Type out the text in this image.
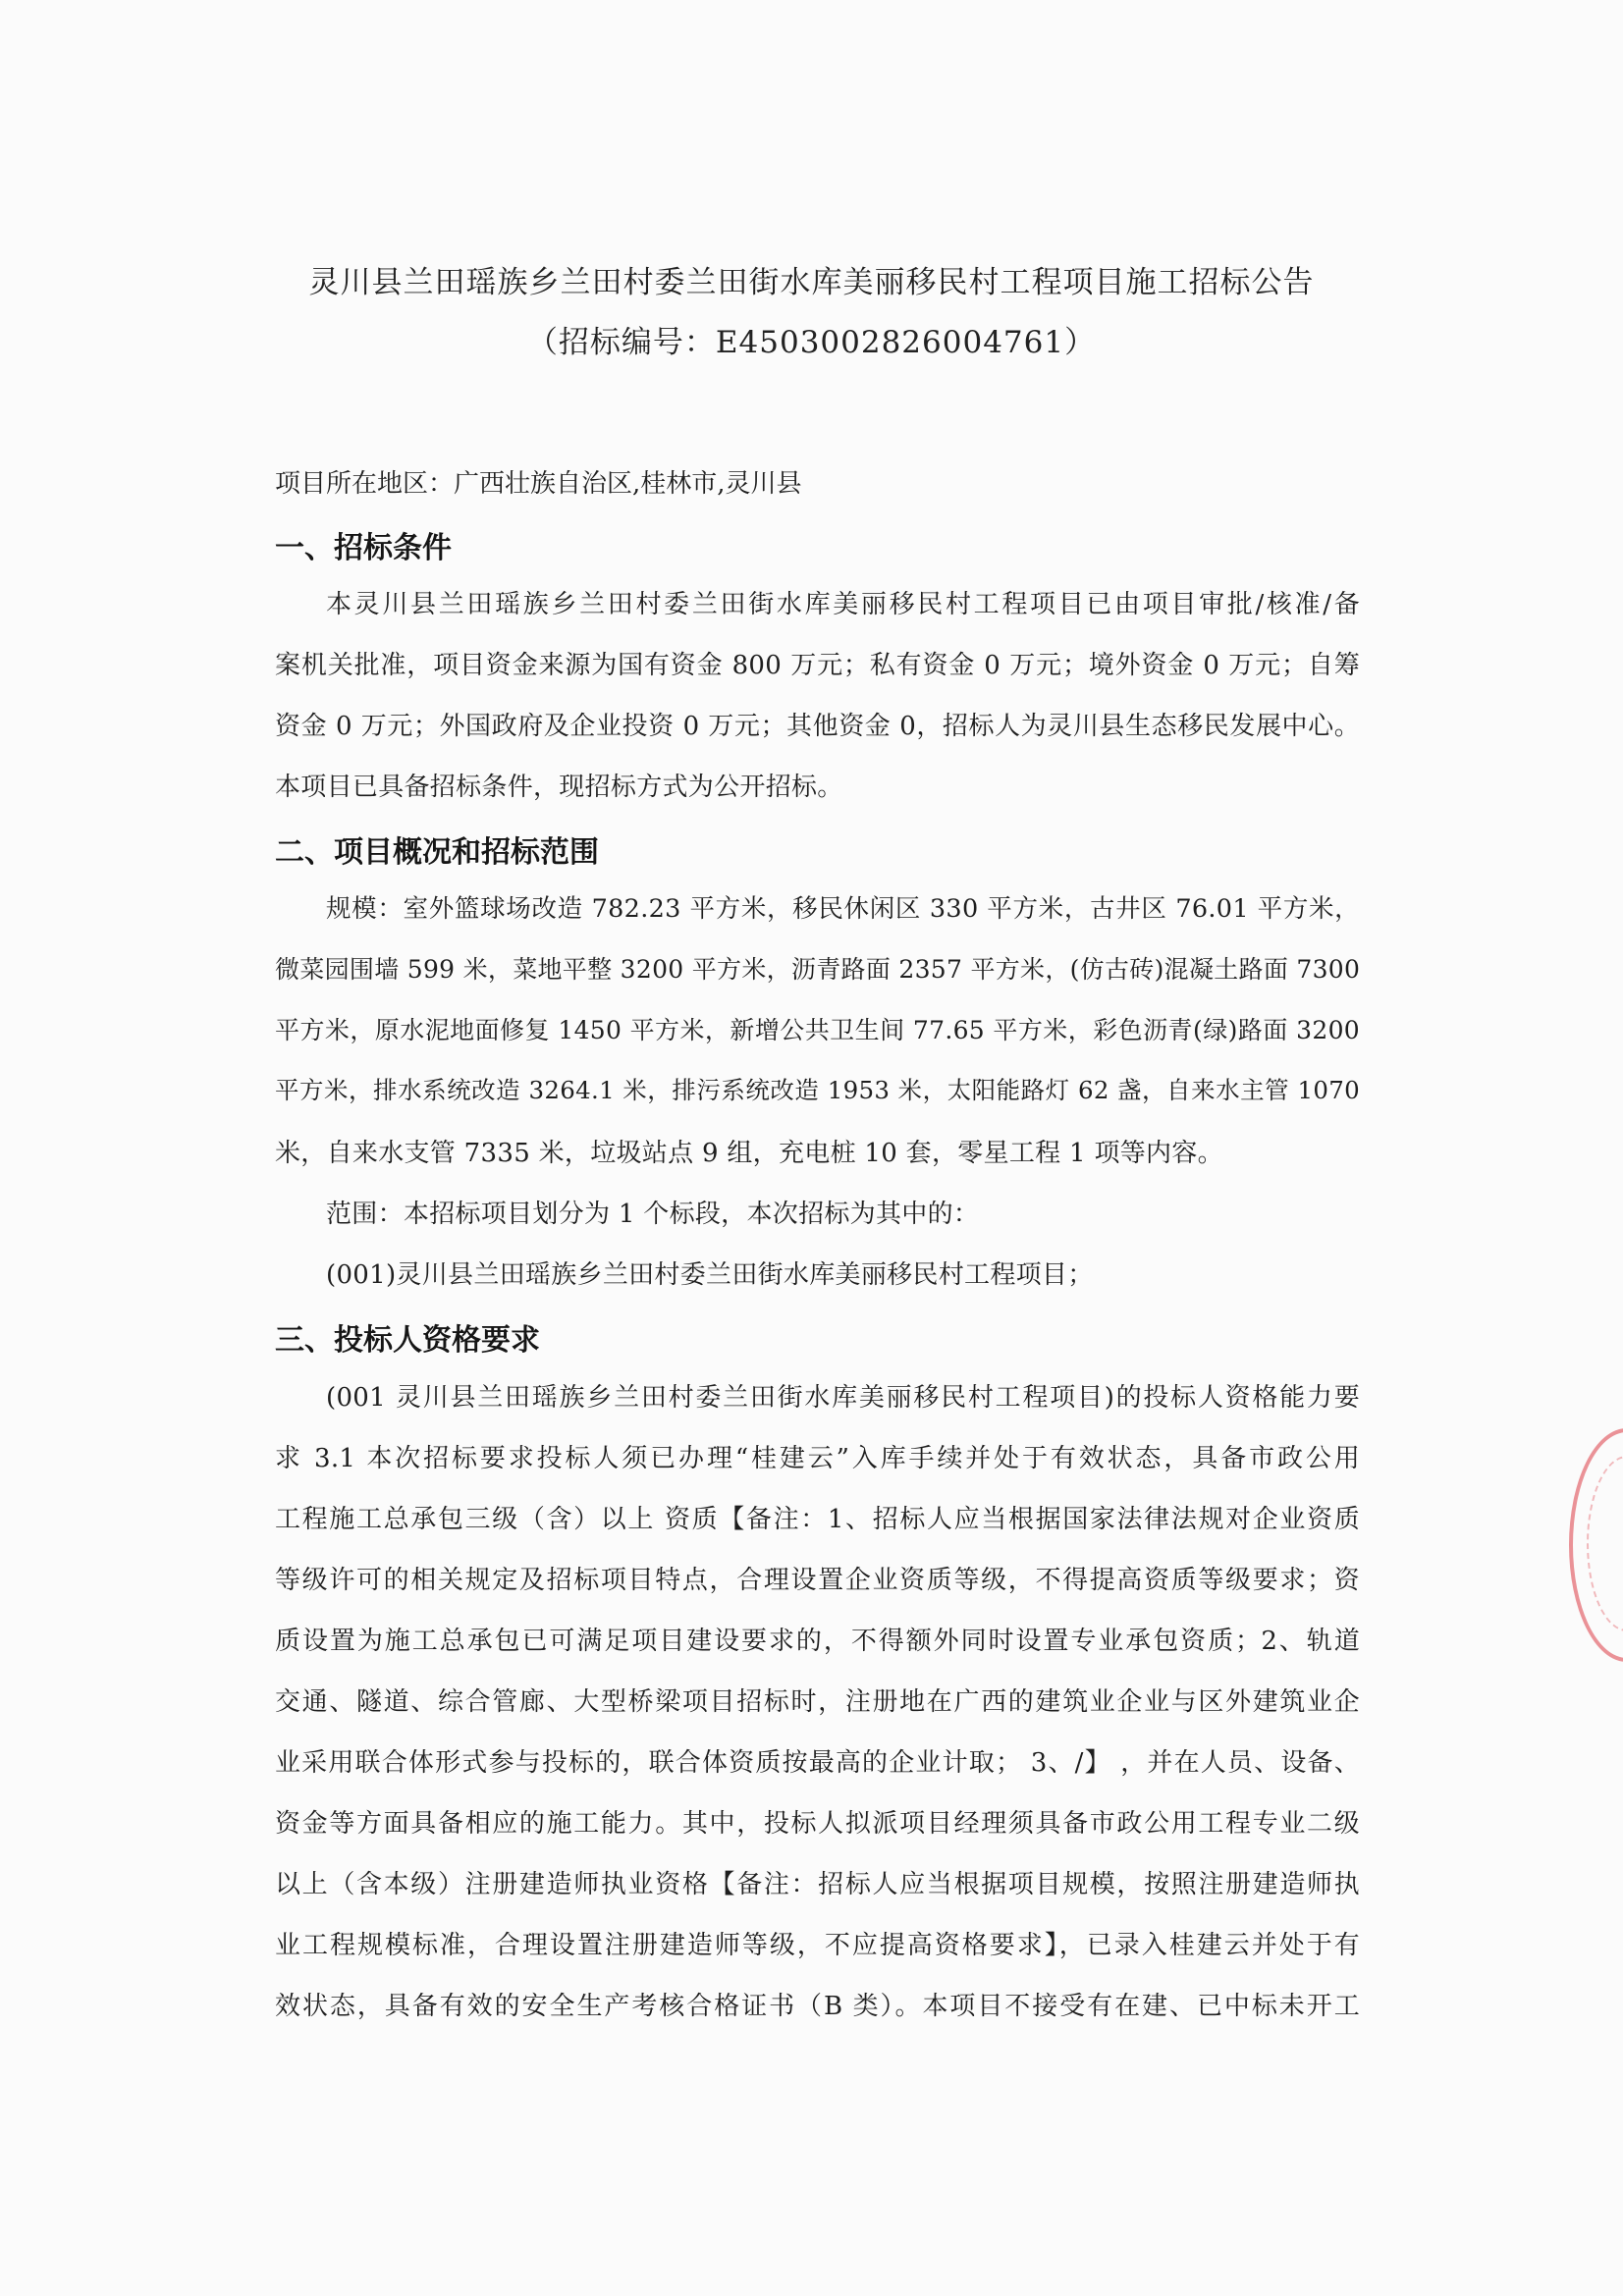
灵川县兰田瑶族乡兰田村委兰田街水库美丽移民村工程项目施工招标公告
（招标编号：E4503002826004761）
项目所在地区：广西壮族自治区,桂林市,灵川县
一、招标条件
本灵川县兰田瑶族乡兰田村委兰田街水库美丽移民村工程项目已由项目审批/核准/备
案机关批准，项目资金来源为国有资金 800 万元；私有资金 0 万元；境外资金 0 万元；自筹
资金 0 万元；外国政府及企业投资 0 万元；其他资金 0，招标人为灵川县生态移民发展中心。
本项目已具备招标条件，现招标方式为公开招标。
二、项目概况和招标范围
规模：室外篮球场改造 782.23 平方米，移民休闲区 330 平方米，古井区 76.01 平方米，
微菜园围墙 599 米，菜地平整 3200 平方米，沥青路面 2357 平方米，(仿古砖)混凝土路面 7300
平方米，原水泥地面修复 1450 平方米，新增公共卫生间 77.65 平方米，彩色沥青(绿)路面 3200
平方米，排水系统改造 3264.1 米，排污系统改造 1953 米，太阳能路灯 62 盏，自来水主管 1070
米，自来水支管 7335 米，垃圾站点 9 组，充电桩 10 套，零星工程 1 项等内容。
范围：本招标项目划分为 1 个标段，本次招标为其中的：
(001)灵川县兰田瑶族乡兰田村委兰田街水库美丽移民村工程项目；
三、投标人资格要求
(001 灵川县兰田瑶族乡兰田村委兰田街水库美丽移民村工程项目)的投标人资格能力要
求 3.1 本次招标要求投标人须已办理“桂建云”入库手续并处于有效状态，具备市政公用
工程施工总承包三级（含）以上 资质【备注：1、招标人应当根据国家法律法规对企业资质
等级许可的相关规定及招标项目特点，合理设置企业资质等级，不得提高资质等级要求；资
质设置为施工总承包已可满足项目建设要求的，不得额外同时设置专业承包资质；2、轨道
交通、隧道、综合管廊、大型桥梁项目招标时，注册地在广西的建筑业企业与区外建筑业企
业采用联合体形式参与投标的，联合体资质按最高的企业计取； 3、/】 ，并在人员、设备、
资金等方面具备相应的施工能力。其中，投标人拟派项目经理须具备市政公用工程专业二级
以上（含本级）注册建造师执业资格【备注：招标人应当根据项目规模，按照注册建造师执
业工程规模标准，合理设置注册建造师等级，不应提高资格要求】，已录入桂建云并处于有
效状态，具备有效的安全生产考核合格证书（B 类）。本项目不接受有在建、已中标未开工
